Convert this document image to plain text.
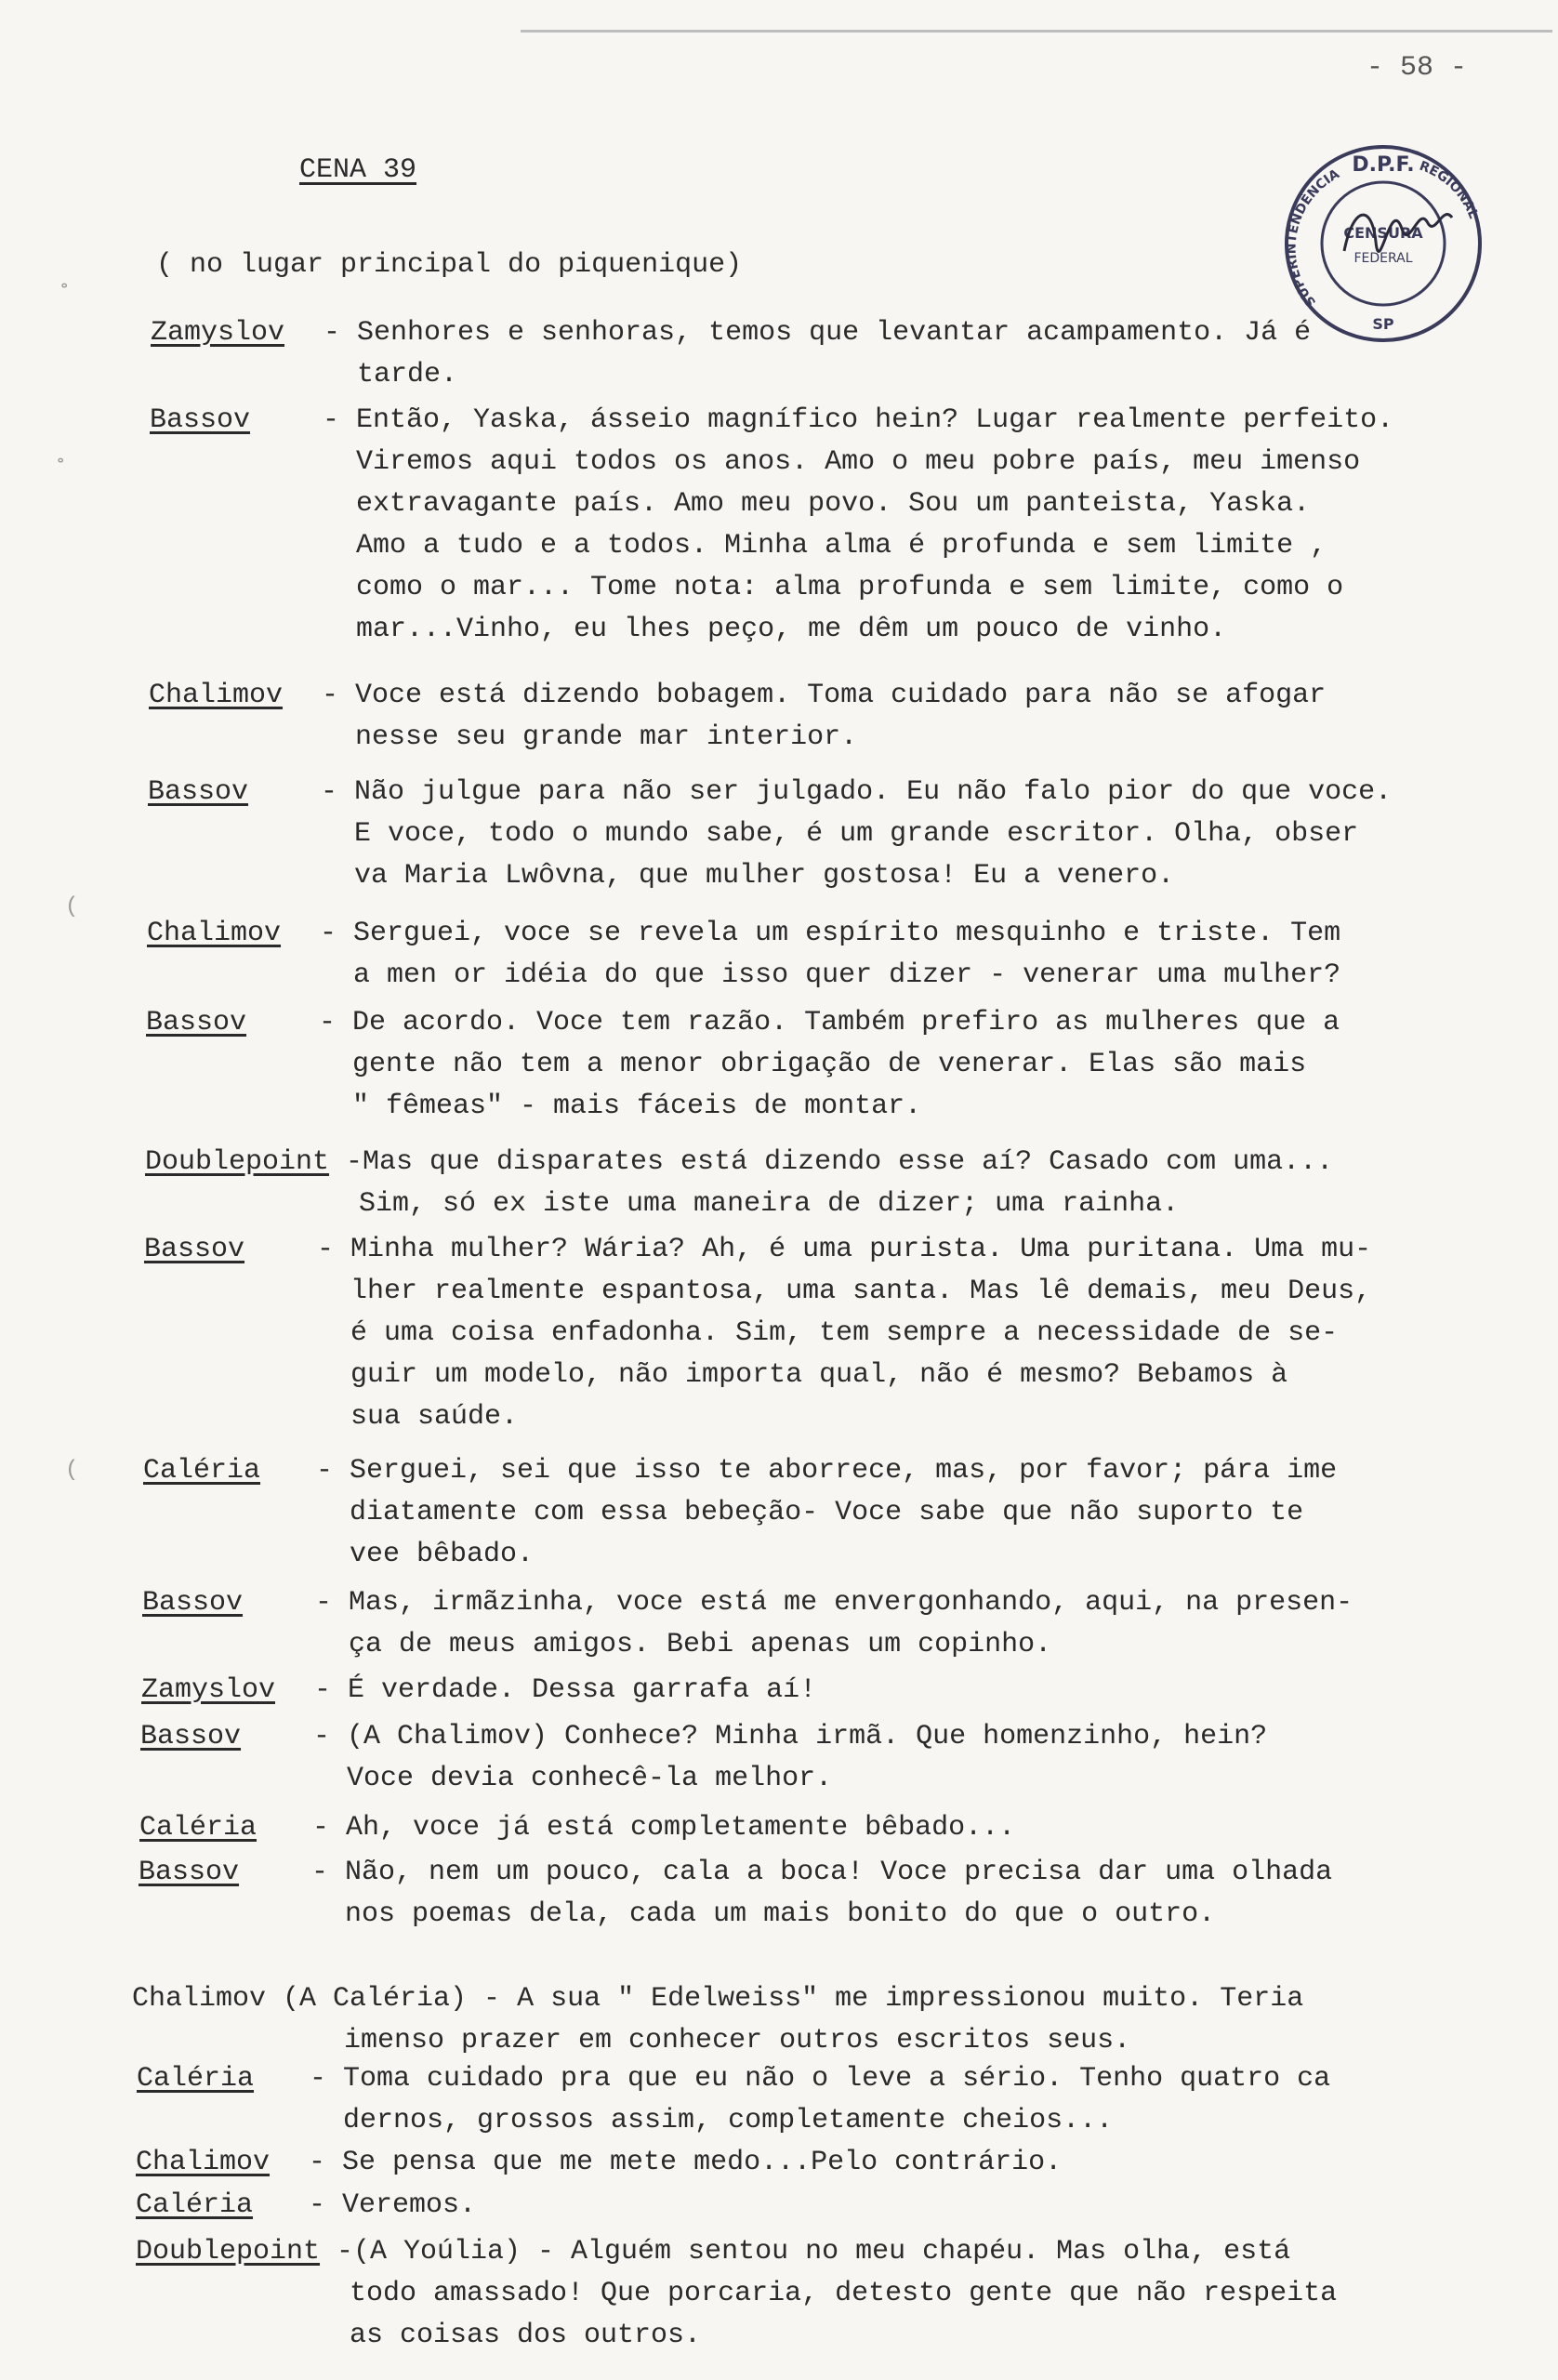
- 58 -
CENA 39
( no lugar principal do piquenique)
D.P.F.
SUPERINTENDÊNCIA	REGIONAL
CENSURA
FEDERAL
SP
˚
˚
(
(
Zamyslov - Senhores e senhoras, temos que levantar acampamento. Já é
tarde.
Bassov	- Então, Yaska, ásseio magnífico hein? Lugar realmente perfeito.
Viremos aqui todos os anos. Amo o meu pobre país, meu imenso
extravagante país. Amo meu povo. Sou um panteista, Yaska.
Amo a tudo e a todos. Minha alma é profunda e sem limite ,
como o mar... Tome nota: alma profunda e sem limite, como o
mar...Vinho, eu lhes peço, me dêm um pouco de vinho.
Chalimov - Voce está dizendo bobagem. Toma cuidado para não se afogar
nesse seu grande mar interior.
Bassov	- Não julgue para não ser julgado. Eu não falo pior do que voce.
E voce, todo o mundo sabe, é um grande escritor. Olha, obser
va Maria Lwôvna, que mulher gostosa! Eu a venero.
Chalimov - Serguei, voce se revela um espírito mesquinho e triste. Tem
a men or idéia do que isso quer dizer - venerar uma mulher?
Bassov	- De acordo. Voce tem razão. Também prefiro as mulheres que a
gente não tem a menor obrigação de venerar. Elas são mais
" fêmeas" - mais fáceis de montar.
Doublepoint -Mas que disparates está dizendo esse aí? Casado com uma...
Sim, só ex iste uma maneira de dizer; uma rainha.
Bassov	- Minha mulher? Wária? Ah, é uma purista. Uma puritana. Uma mu-
lher realmente espantosa, uma santa. Mas lê demais, meu Deus,
é uma coisa enfadonha. Sim, tem sempre a necessidade de se-
guir um modelo, não importa qual, não é mesmo? Bebamos à
sua saúde.
Caléria - Serguei, sei que isso te aborrece, mas, por favor; pára ime
diatamente com essa bebeção- Voce sabe que não suporto te
vee bêbado.
Bassov	- Mas, irmãzinha, voce está me envergonhando, aqui, na presen-
ça de meus amigos. Bebi apenas um copinho.
Zamyslov - É verdade. Dessa garrafa aí!
Bassov	- (A Chalimov) Conhece? Minha irmã. Que homenzinho, hein?
Voce devia conhecê-la melhor.
Caléria - Ah, voce já está completamente bêbado...
Bassov	- Não, nem um pouco, cala a boca! Voce precisa dar uma olhada
nos poemas dela, cada um mais bonito do que o outro.
Chalimov (A Caléria) - A sua " Edelweiss" me impressionou muito. Teria
imenso prazer em conhecer outros escritos seus.
Caléria - Toma cuidado pra que eu não o leve a sério. Tenho quatro ca
dernos, grossos assim, completamente cheios...
Chalimov - Se pensa que me mete medo...Pelo contrário.
Caléria - Veremos.
Doublepoint -(A Yoúlia) - Alguém sentou no meu chapéu. Mas olha, está
todo amassado! Que porcaria, detesto gente que não respeita
as coisas dos outros.
